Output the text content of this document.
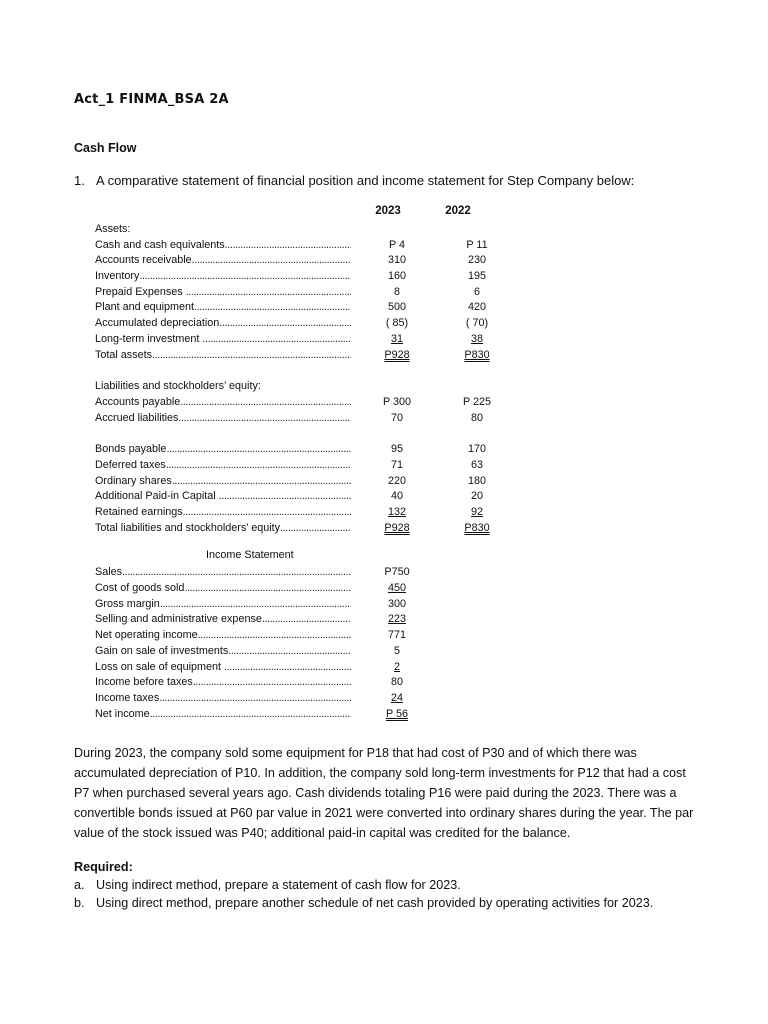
Act_1 FINMA_BSA 2A
Cash Flow
1. A comparative statement of financial position and income statement for Step Company below:
2023	2022
Assets:
Cash and cash equivalents .....	P 4	P 11
Accounts receivable .....	310	230
Inventory .....	160	195
Prepaid Expenses .....	8	6
Plant and equipment .....	500	420
Accumulated depreciation .....	( 85)	( 70)
Long-term investment .....	31	38
Total assets .....	P928	P830
Liabilities and stockholders’ equity:
Accounts payable .....	P 300	P 225
Accrued liabilities .....	70	80
Bonds payable .....	95	170
Deferred taxes .....	71	63
Ordinary shares .....	220	180
Additional Paid-in Capital .....	40	20
Retained earnings .....	132	92
Total liabilities and stockholders’ equity .....	P928	P830
Income Statement
Sales .....	P750
Cost of goods sold .....	450
Gross margin .....	300
Selling and administrative expense .....	223
Net operating income .....	771
Gain on sale of investments .....	5
Loss on sale of equipment .....	2
Income before taxes .....	80
Income taxes .....	24
Net income .....	P 56
During 2023, the company sold some equipment for P18 that had cost of P30 and of which there was accumulated depreciation of P10. In addition, the company sold long-term investments for P12 that had a cost P7 when purchased several years ago. Cash dividends totaling P16 were paid during the 2023. There was a convertible bonds issued at P60 par value in 2021 were converted into ordinary shares during the year. The par value of the stock issued was P40; additional paid-in capital was credited for the balance.
Required:
a. Using indirect method, prepare a statement of cash flow for 2023.
b. Using direct method, prepare another schedule of net cash provided by operating activities for 2023.
